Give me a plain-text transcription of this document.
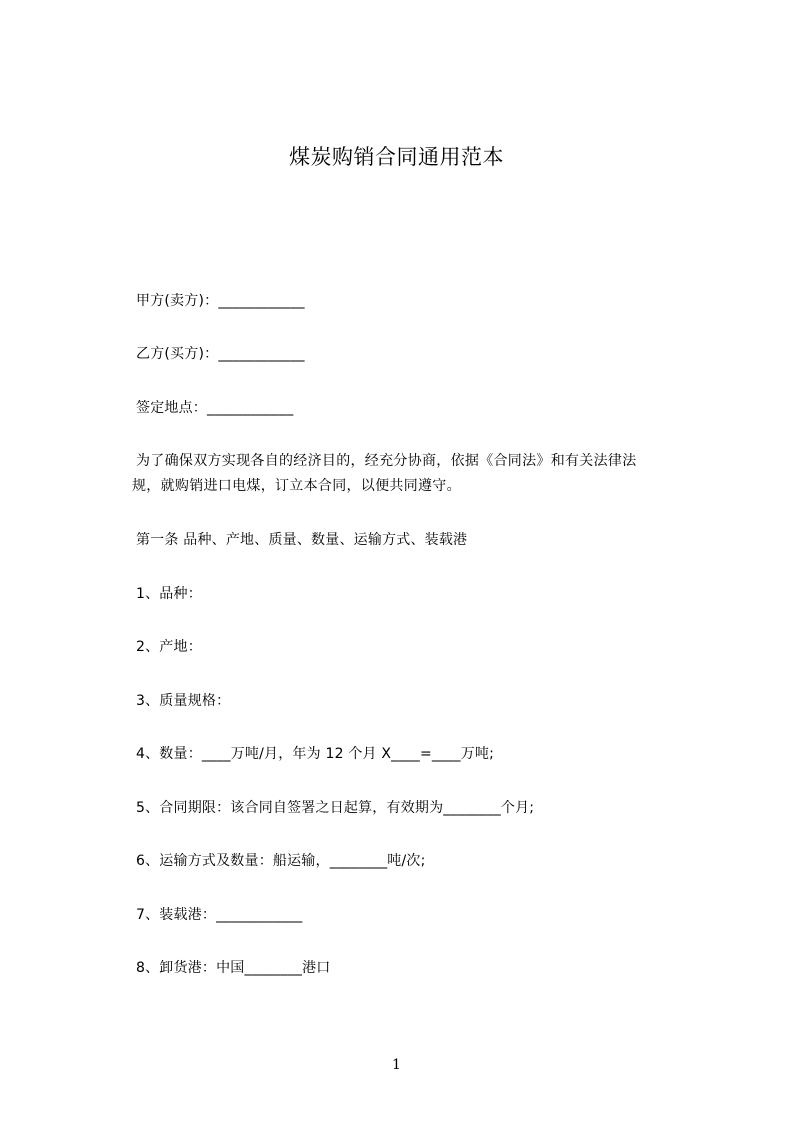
煤炭购销合同通用范本
甲方(卖方)：____________
乙方(买方)：____________
签定地点：____________
为了确保双方实现各自的经济目的，经充分协商，依据《合同法》和有关法律法
规，就购销进口电煤，订立本合同，以便共同遵守。
第一条 品种、产地、质量、数量、运输方式、装载港
1、品种：
2、产地：
3、质量规格：
4、数量：____万吨/月，年为 12 个月 X____=____万吨;
5、合同期限：该合同自签署之日起算，有效期为________个月;
6、运输方式及数量：船运输，________吨/次;
7、装载港：____________
8、卸货港：中国________港口
1
